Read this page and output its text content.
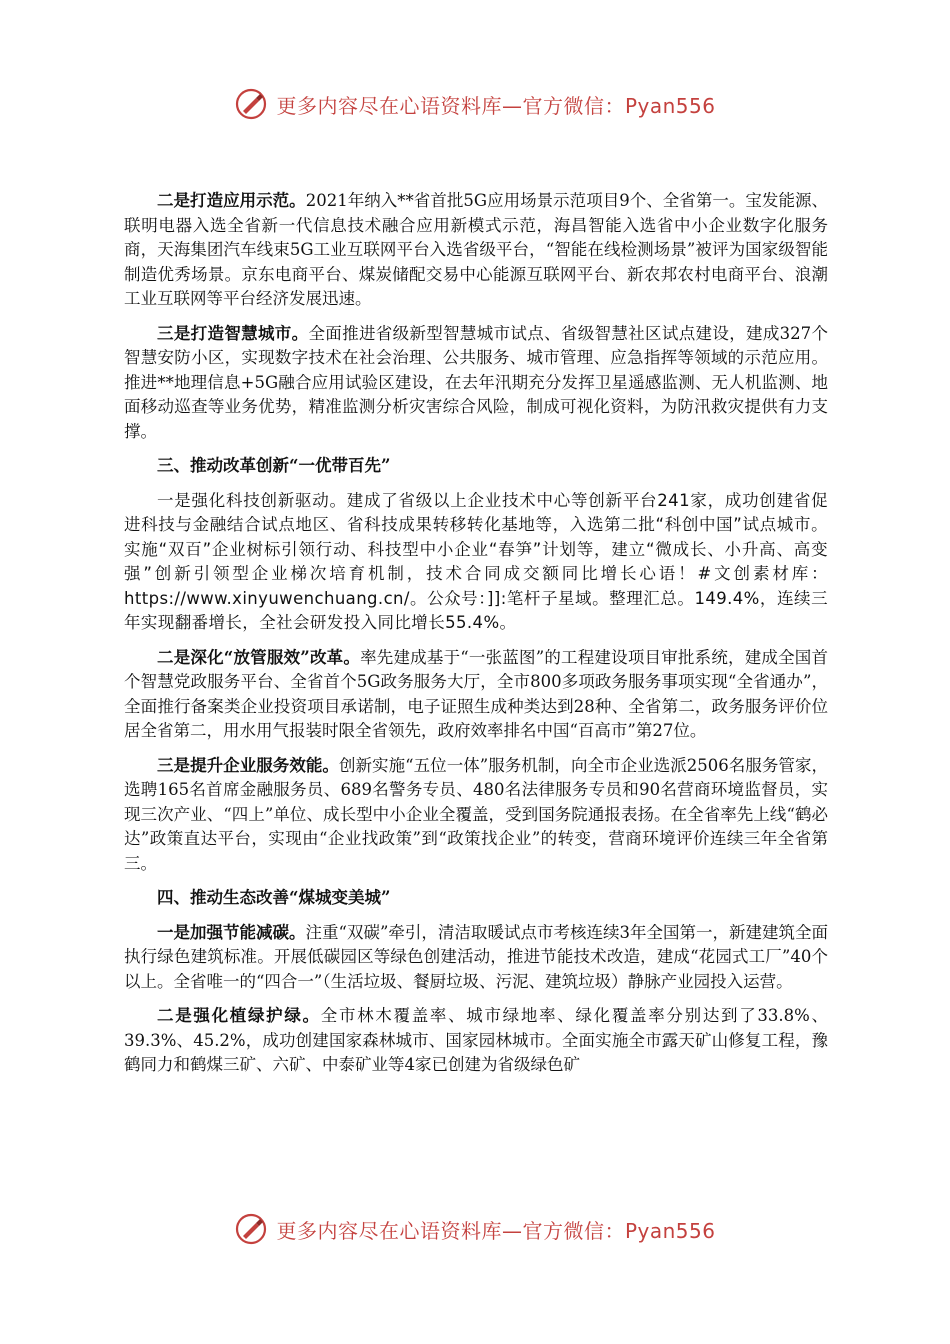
更多内容尽在心语资料库—官方微信：Pyan556

二是打造应用示范。2021年纳入**省首批5G应用场景示范项目9个、全省第一。宝发能源、联明电器入选全省新一代信息技术融合应用新模式示范，海昌智能入选省中小企业数字化服务商，天海集团汽车线束5G工业互联网平台入选省级平台，“智能在线检测场景”被评为国家级智能制造优秀场景。京东电商平台、煤炭储配交易中心能源互联网平台、新农邦农村电商平台、浪潮工业互联网等平台经济发展迅速。

三是打造智慧城市。全面推进省级新型智慧城市试点、省级智慧社区试点建设，建成327个智慧安防小区，实现数字技术在社会治理、公共服务、城市管理、应急指挥等领域的示范应用。推进**地理信息+5G融合应用试验区建设，在去年汛期充分发挥卫星遥感监测、无人机监测、地面移动巡查等业务优势，精准监测分析灾害综合风险，制成可视化资料，为防汛救灾提供有力支撑。

三、推动改革创新“一优带百先”

一是强化科技创新驱动。建成了省级以上企业技术中心等创新平台241家，成功创建省促进科技与金融结合试点地区、省科技成果转移转化基地等，入选第二批“科创中国”试点城市。实施“双百”企业树标引领行动、科技型中小企业“春笋”计划等，建立“微成长、小升高、高变强”创新引领型企业梯次培育机制，技术合同成交额同比增长心语！#文创素材库：https://www.xinyuwenchuang.cn/。公众号：]]:笔杆子星域。整理汇总。149.4%，连续三年实现翻番增长，全社会研发投入同比增长55.4%。

二是深化“放管服效”改革。率先建成基于“一张蓝图”的工程建设项目审批系统，建成全国首个智慧党政服务平台、全省首个5G政务服务大厅，全市800多项政务服务事项实现“全省通办”，全面推行备案类企业投资项目承诺制，电子证照生成种类达到28种、全省第二，政务服务评价位居全省第二，用水用气报装时限全省领先，政府效率排名中国“百高市”第27位。

三是提升企业服务效能。创新实施“五位一体”服务机制，向全市企业选派2506名服务管家，选聘165名首席金融服务员、689名警务专员、480名法律服务专员和90名营商环境监督员，实现三次产业、“四上”单位、成长型中小企业全覆盖，受到国务院通报表扬。在全省率先上线“鹤必达”政策直达平台，实现由“企业找政策”到“政策找企业”的转变，营商环境评价连续三年全省第三。

四、推动生态改善“煤城变美城”

一是加强节能减碳。注重“双碳”牵引，清洁取暖试点市考核连续3年全国第一，新建建筑全面执行绿色建筑标准。开展低碳园区等绿色创建活动，推进节能技术改造，建成“花园式工厂”40个以上。全省唯一的“四合一”（生活垃圾、餐厨垃圾、污泥、建筑垃圾）静脉产业园投入运营。

二是强化植绿护绿。全市林木覆盖率、城市绿地率、绿化覆盖率分别达到了33.8%、39.3%、45.2%，成功创建国家森林城市、国家园林城市。全面实施全市露天矿山修复工程，豫鹤同力和鹤煤三矿、六矿、中泰矿业等4家已创建为省级绿色矿

更多内容尽在心语资料库—官方微信：Pyan556
